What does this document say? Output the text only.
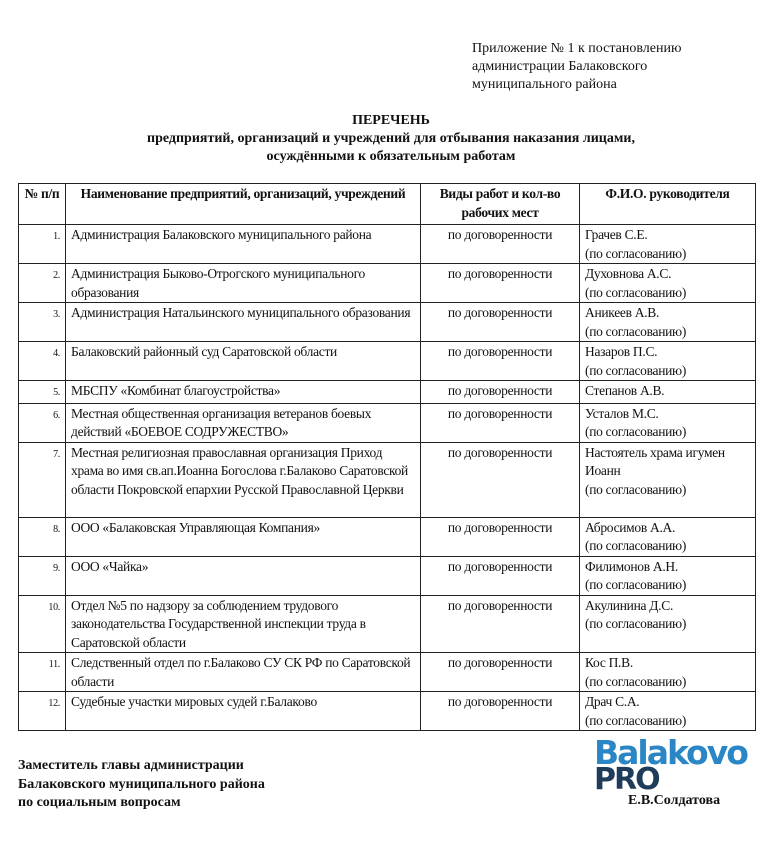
Приложение № 1 к постановлению
администрации Балаковского
муниципального района
ПЕРЕЧЕНЬ
предприятий, организаций и учреждений для отбывания наказания лицами,
осуждёнными к обязательным работам
№ п/п	Наименование предприятий, организаций, учреждений	Виды работ и кол-во рабочих мест	Ф.И.О. руководителя
1.	Администрация Балаковского муниципального района	по договоренности	Грачев С.Е.
(по согласованию)

2.	Администрация Быково-Отрогского муниципального образования	по договоренности	Духовнова А.С.
(по согласованию)

3.	Администрация Натальинского муниципального образования	по договоренности	Аникеев А.В.
(по согласованию)

4.	Балаковский районный суд Саратовской области	по договоренности	Назаров П.С.
(по согласованию)

5.	МБСПУ «Комбинат благоустройства»	по договоренности	Степанов А.В.

6.	Местная общественная организация ветеранов боевых действий «БОЕВОЕ СОДРУЖЕСТВО»	по договоренности	Усталов М.С.
(по согласованию)

7.	Местная религиозная православная организация Приход храма во имя св.ап.Иоанна Богослова г.Балаково Саратовской области Покровской епархии Русской Православной Церкви	по договоренности	Настоятель храма игумен Иоанн
(по согласованию)

8.	ООО «Балаковская Управляющая Компания»	по договоренности	Абросимов А.А.
(по согласованию)

9.	ООО «Чайка»	по договоренности	Филимонов А.Н.
(по согласованию)

10.	Отдел №5 по надзору за соблюдением трудового законодательства Государственной инспекции труда в Саратовской области	по договоренности	Акулинина Д.С.
(по согласованию)

11.	Следственный отдел по г.Балаково СУ СК РФ по Саратовской области	по договоренности	Кос П.В.
(по согласованию)

12.	Судебные участки мировых судей г.Балаково	по договоренности	Драч С.А.
(по согласованию)
Заместитель главы администрации
Балаковского муниципального района
по социальным вопросам
Balakovo
PRO
Е.В.Солдатова
